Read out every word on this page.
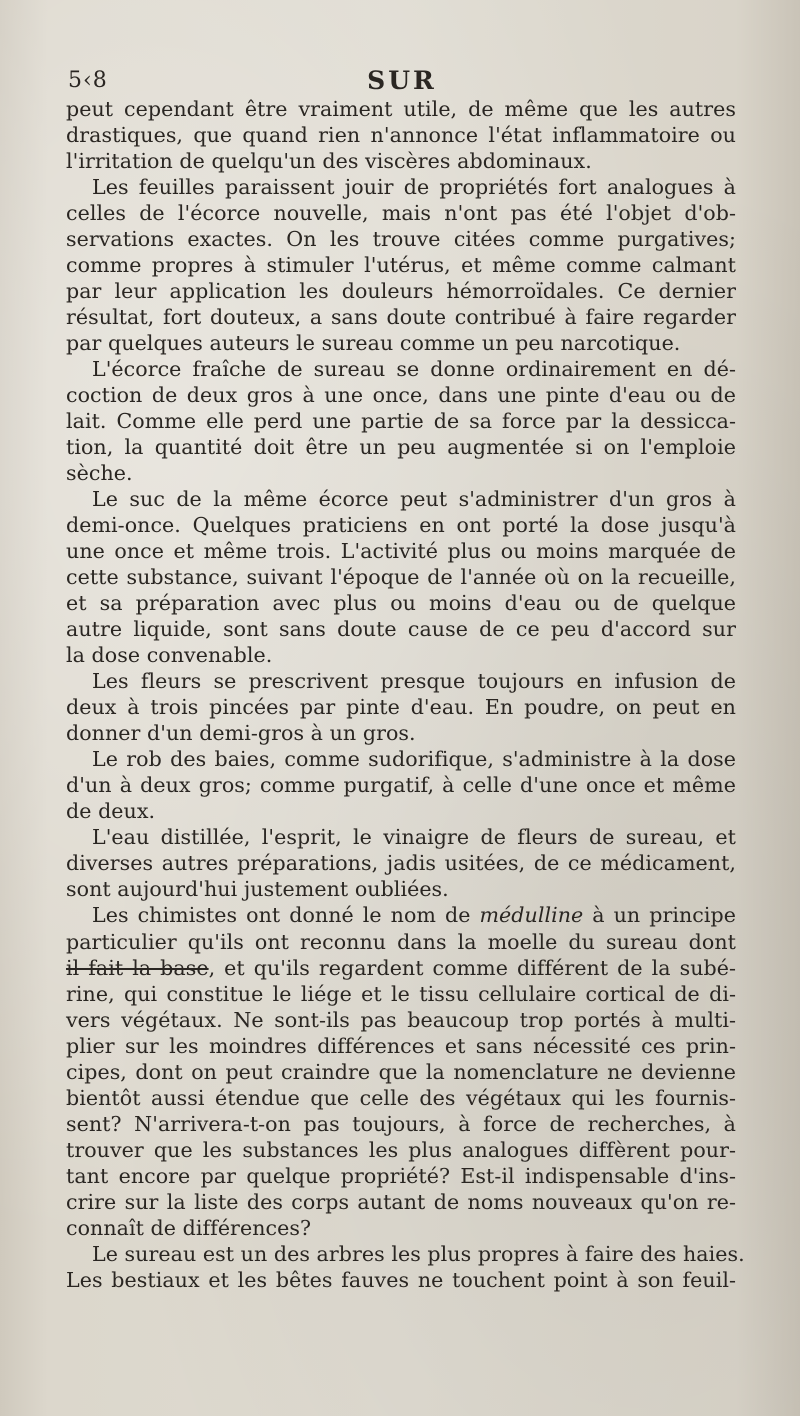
5‹8	SUR
peut cependant être vraiment utile, de même que les autres
drastiques, que quand rien n'annonce l'état inflammatoire ou
l'irritation de quelqu'un des viscères abdominaux.
Les feuilles paraissent jouir de propriétés fort analogues à
celles de l'écorce nouvelle, mais n'ont pas été l'objet d'ob-
servations exactes. On les trouve citées comme purgatives;
comme propres à stimuler l'utérus, et même comme calmant
par leur application les douleurs hémorroïdales. Ce dernier
résultat, fort douteux, a sans doute contribué à faire regarder
par quelques auteurs le sureau comme un peu narcotique.
L'écorce fraîche de sureau se donne ordinairement en dé-
coction de deux gros à une once, dans une pinte d'eau ou de
lait. Comme elle perd une partie de sa force par la dessicca-
tion, la quantité doit être un peu augmentée si on l'emploie
sèche.
Le suc de la même écorce peut s'administrer d'un gros à
demi-once. Quelques praticiens en ont porté la dose jusqu'à
une once et même trois. L'activité plus ou moins marquée de
cette substance, suivant l'époque de l'année où on la recueille,
et sa préparation avec plus ou moins d'eau ou de quelque
autre liquide, sont sans doute cause de ce peu d'accord sur
la dose convenable.
Les fleurs se prescrivent presque toujours en infusion de
deux à trois pincées par pinte d'eau. En poudre, on peut en
donner d'un demi-gros à un gros.
Le rob des baies, comme sudorifique, s'administre à la dose
d'un à deux gros; comme purgatif, à celle d'une once et même
de deux.
L'eau distillée, l'esprit, le vinaigre de fleurs de sureau, et
diverses autres préparations, jadis usitées, de ce médicament,
sont aujourd'hui justement oubliées.
Les chimistes ont donné le nom de médulline à un principe
particulier qu'ils ont reconnu dans la moelle du sureau dont
il fait la base, et qu'ils regardent comme différent de la subé-
rine, qui constitue le liége et le tissu cellulaire cortical de di-
vers végétaux. Ne sont-ils pas beaucoup trop portés à multi-
plier sur les moindres différences et sans nécessité ces prin-
cipes, dont on peut craindre que la nomenclature ne devienne
bientôt aussi étendue que celle des végétaux qui les fournis-
sent? N'arrivera-t-on pas toujours, à force de recherches, à
trouver que les substances les plus analogues diffèrent pour-
tant encore par quelque propriété? Est-il indispensable d'ins-
crire sur la liste des corps autant de noms nouveaux qu'on re-
connaît de différences?
Le sureau est un des arbres les plus propres à faire des haies.
Les bestiaux et les bêtes fauves ne touchent point à son feuil-
